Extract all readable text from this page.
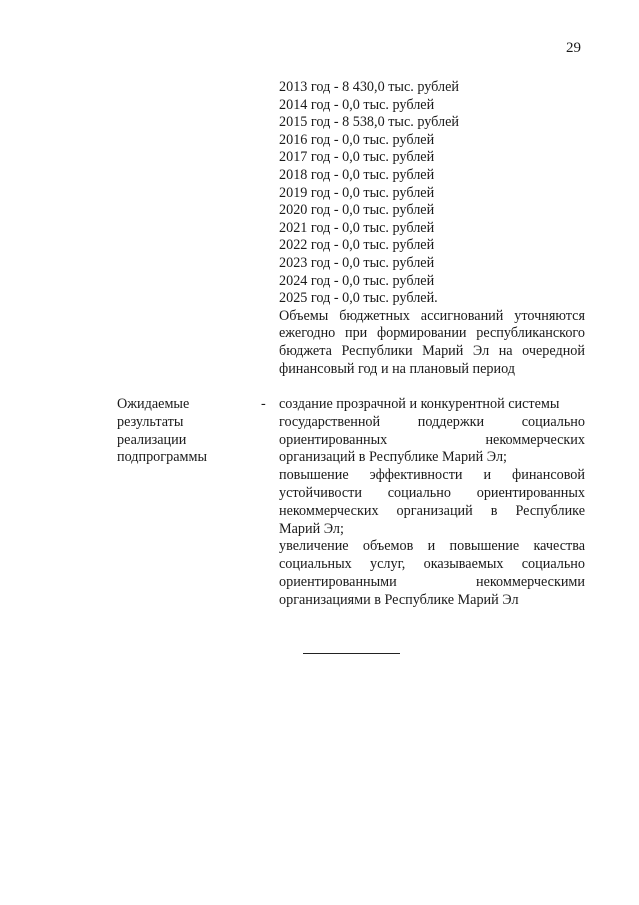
29
2013 год - 8 430,0 тыс. рублей
2014 год - 0,0 тыс. рублей
2015 год - 8 538,0 тыс. рублей
2016 год - 0,0 тыс. рублей
2017 год - 0,0 тыс. рублей
2018 год - 0,0 тыс. рублей
2019 год - 0,0 тыс. рублей
2020 год - 0,0 тыс. рублей
2021 год - 0,0 тыс. рублей
2022 год - 0,0 тыс. рублей
2023 год - 0,0 тыс. рублей
2024 год - 0,0 тыс. рублей
2025 год - 0,0 тыс. рублей.
Объемы бюджетных ассигнований уточняются
ежегодно при формировании республиканского
бюджета Республики Марий Эл на очередной
финансовый год и на плановый период
Ожидаемые
результаты
реализации
подпрограммы
- создание прозрачной и конкурентной системы
государственной поддержки социально
ориентированных некоммерческих
организаций в Республике Марий Эл;
повышение эффективности и финансовой
устойчивости социально ориентированных
некоммерческих организаций в Республике
Марий Эл;
увеличение объемов и повышение качества
социальных услуг, оказываемых социально
ориентированными некоммерческими
организациями в Республике Марий Эл
